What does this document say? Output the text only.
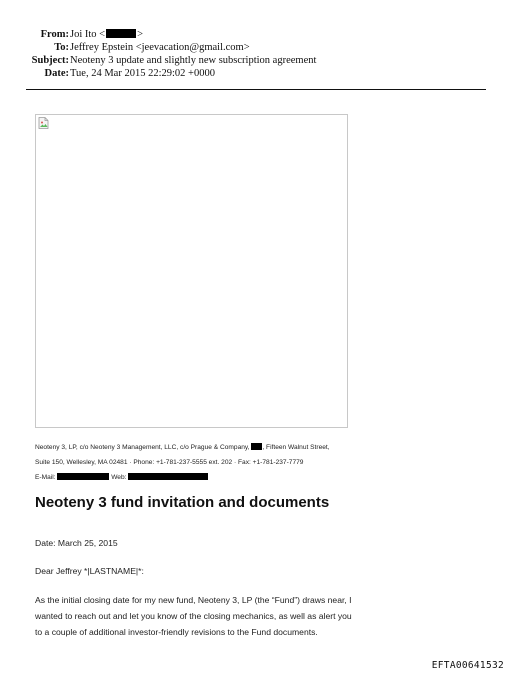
From: Joi Ito <	>
To: Jeffrey Epstein <jeevacation@gmail.com>
Subject: Neoteny 3 update and slightly new subscription agreement
Date: Tue, 24 Mar 2015 22:29:02 +0000
Neoteny 3, LP, c/o Neoteny 3 Management, LLC, c/o Prague & Company, , Fifteen Walnut Street,
Suite 150, Wellesley, MA 02481 · Phone: +1-781-237-5555 ext. 202 · Fax: +1-781-237-7779
E-Mail:	Web:
Neoteny 3 fund invitation and documents
Date: March 25, 2015
Dear Jeffrey *|LASTNAME|*:
As the initial closing date for my new fund, Neoteny 3, LP (the “Fund”) draws near, I
wanted to reach out and let you know of the closing mechanics, as well as alert you
to a couple of additional investor-friendly revisions to the Fund documents.
EFTA00641532
